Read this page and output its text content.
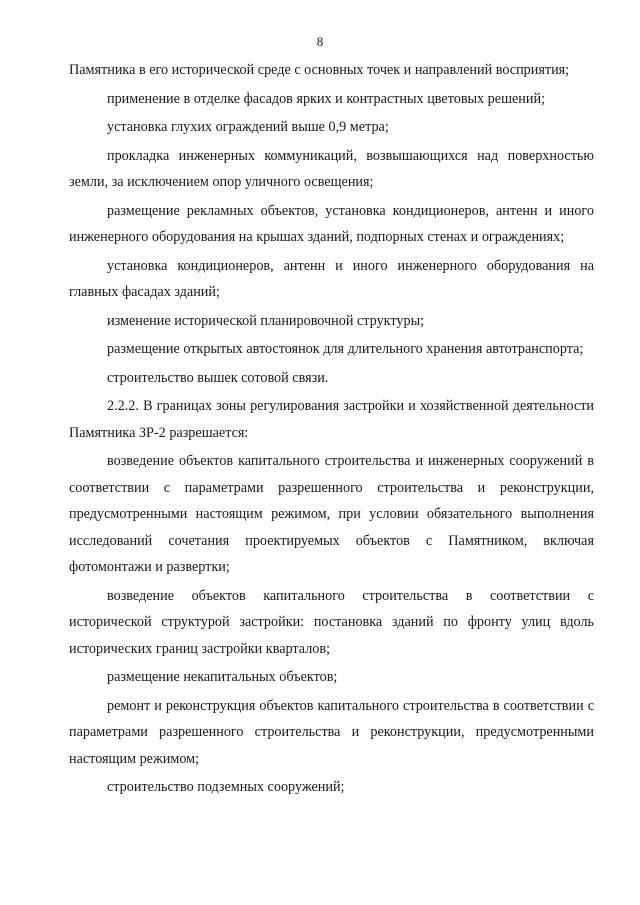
8

Памятника в его исторической среде с основных точек и направлений восприятия;

применение в отделке фасадов ярких и контрастных цветовых решений;

установка глухих ограждений выше 0,9 метра;

прокладка инженерных коммуникаций, возвышающихся над поверхностью земли, за исключением опор уличного освещения;

размещение рекламных объектов, установка кондиционеров, антенн и иного инженерного оборудования на крышах зданий, подпорных стенах и ограждениях;

установка кондиционеров, антенн и иного инженерного оборудования на главных фасадах зданий;

изменение исторической планировочной структуры;

размещение открытых автостоянок для длительного хранения автотранспорта;

строительство вышек сотовой связи.

2.2.2. В границах зоны регулирования застройки и хозяйственной деятельности Памятника ЗР-2 разрешается:

возведение объектов капитального строительства и инженерных сооружений в соответствии с параметрами разрешенного строительства и реконструкции, предусмотренными настоящим режимом, при условии обязательного выполнения исследований сочетания проектируемых объектов с Памятником, включая фотомонтажи и развертки;

возведение объектов капитального строительства в соответствии с исторической структурой застройки: постановка зданий по фронту улиц вдоль исторических границ застройки кварталов;

размещение некапитальных объектов;

ремонт и реконструкция объектов капитального строительства в соответствии с параметрами разрешенного строительства и реконструкции, предусмотренными настоящим режимом;

строительство подземных сооружений;
